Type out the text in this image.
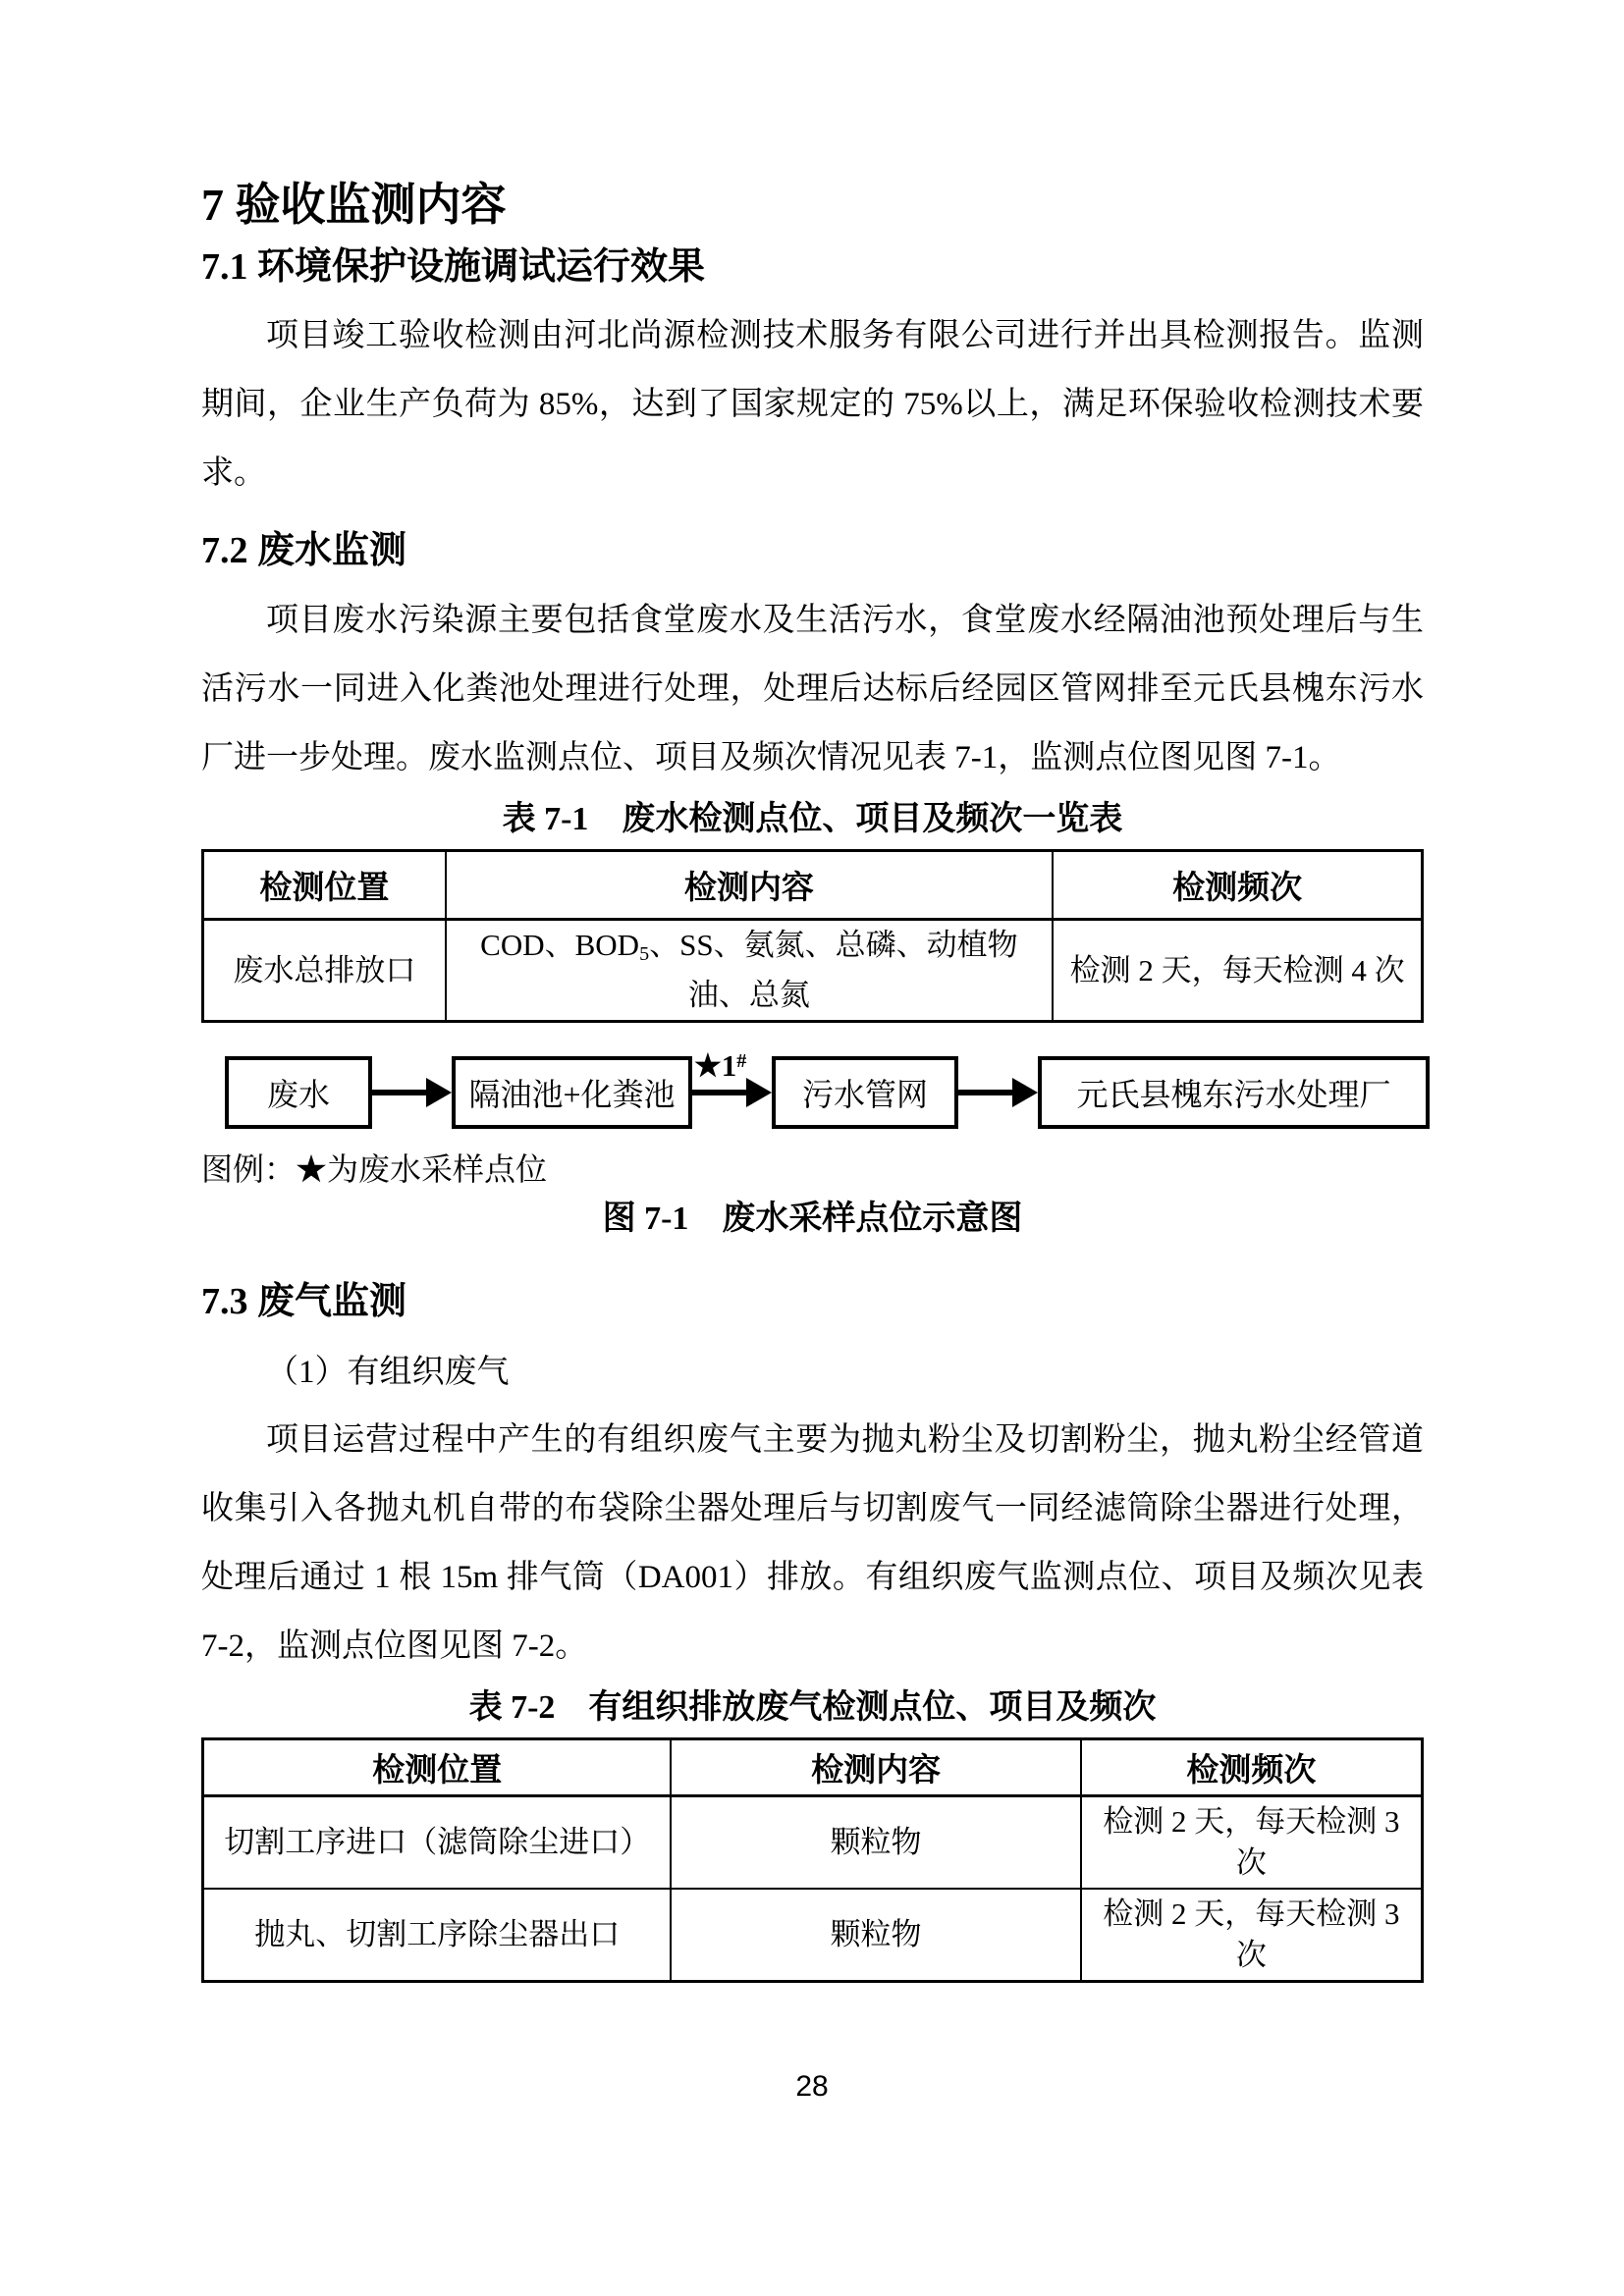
7 验收监测内容
7.1 环境保护设施调试运行效果

项目竣工验收检测由河北尚源检测技术服务有限公司进行并出具检测报告。监测期间，企业生产负荷为 85%，达到了国家规定的 75%以上，满足环保验收检测技术要求。

7.2 废水监测

项目废水污染源主要包括食堂废水及生活污水，食堂废水经隔油池预处理后与生活污水一同进入化粪池处理进行处理，处理后达标后经园区管网排至元氏县槐东污水厂进一步处理。废水监测点位、项目及频次情况见表 7-1，监测点位图见图 7-1。

表 7-1　废水检测点位、项目及频次一览表
检测位置	检测内容	检测频次
废水总排放口	COD、$BOD_5$、SS、氨氮、总磷、动植物油、总氮	检测 2 天，每天检测 4 次
废水	隔油池+化粪池
★1#
污水管网	元氏县槐东污水处理厂
图例：★为废水采样点位
图 7-1　废水采样点位示意图
7.3 废气监测
（1）有组织废气

项目运营过程中产生的有组织废气主要为抛丸粉尘及切割粉尘，抛丸粉尘经管道收集引入各抛丸机自带的布袋除尘器处理后与切割废气一同经滤筒除尘器进行处理，处理后通过 1 根 15m 排气筒（DA001）排放。有组织废气监测点位、项目及频次见表 7-2，监测点位图见图 7-2。

表 7-2　有组织排放废气检测点位、项目及频次
检测位置	检测内容	检测频次
切割工序进口（滤筒除尘进口）	颗粒物	检测 2 天，每天检测 3 次
抛丸、切割工序除尘器出口	颗粒物	检测 2 天，每天检测 3 次
28
